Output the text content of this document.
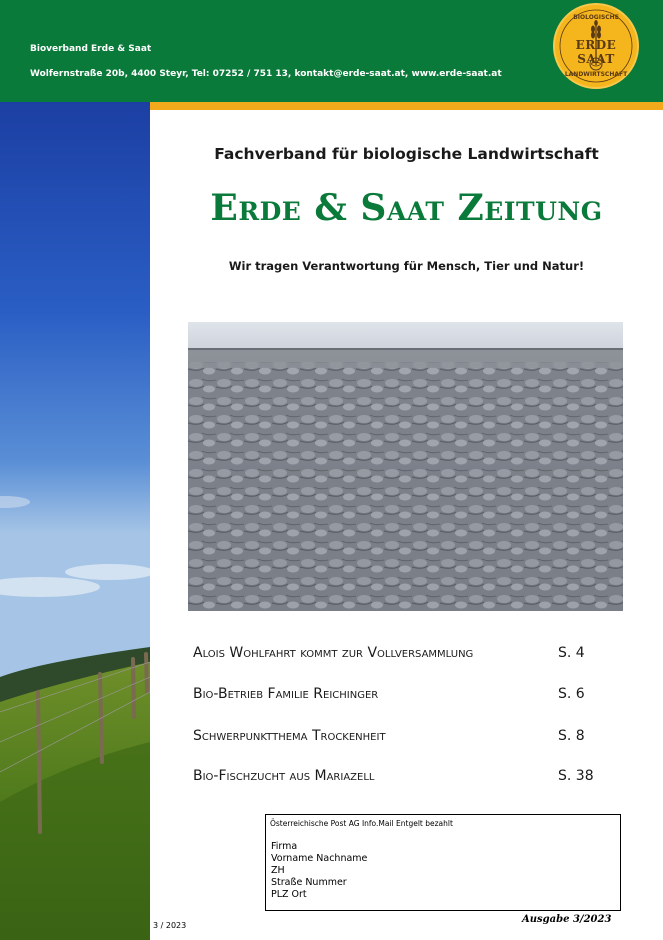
Bioverband Erde & Saat
Wolfernstraße 20b, 4400 Steyr, Tel: 07252 / 751 13, kontakt@erde-saat.at, www.erde-saat.at
BIOLOGISCHE
ERDE SAAT
LANDWIRTSCHAFT
Fachverband für biologische Landwirtschaft
Erde & Saat Zeitung
Wir tragen Verantwortung für Mensch, Tier und Natur!
Alois Wohlfahrt kommt zur Vollversammlung	S. 4
Bio-Betrieb Familie Reichinger	S. 6
Schwerpunktthema Trockenheit	S. 8
Bio-Fischzucht aus Mariazell	S. 38
Österreichische Post AG Info.Mail Entgelt bezahlt
Firma
Vorname Nachname
ZH
Straße Nummer
PLZ Ort
Ausgabe 3/2023
3 / 2023
